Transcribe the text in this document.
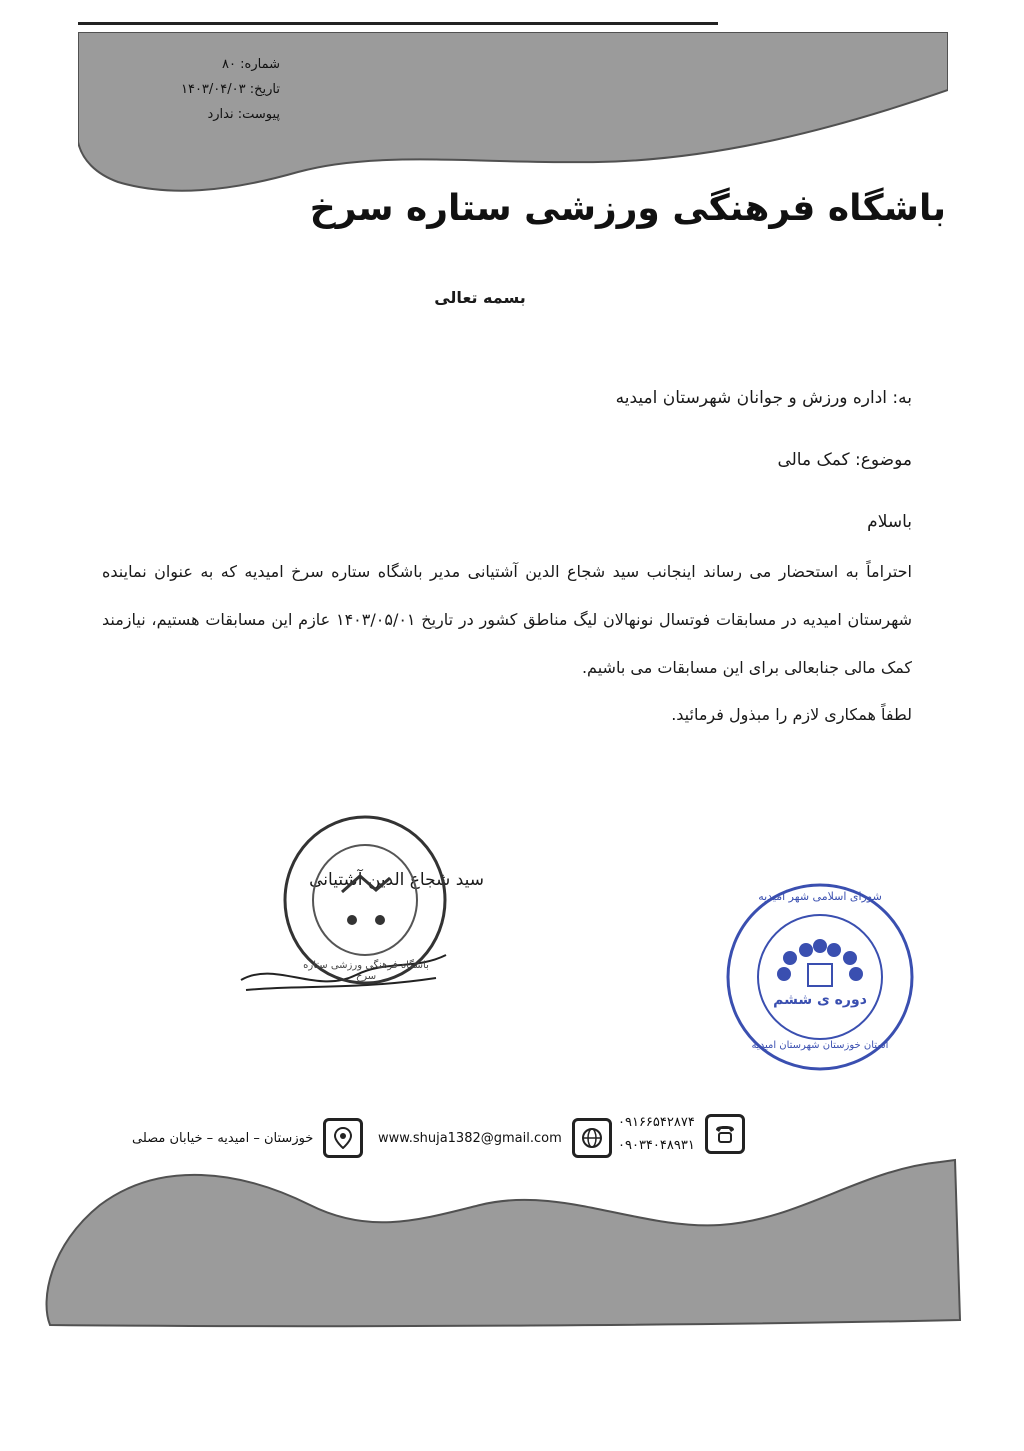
شماره: ۸۰
تاریخ: ۱۴۰۳/۰۴/۰۳
پیوست: ندارد
باشگاه فرهنگی ورزشی ستاره سرخ
بسمه تعالی
به: اداره ورزش و جوانان شهرستان امیدیه
موضوع: کمک مالی
باسلام
احتراماً به استحضار می رساند اینجانب سید شجاع الدین آشتیانی مدیر باشگاه ستاره سرخ امیدیه که به عنوان نماینده شهرستان امیدیه در مسابقات فوتسال نونهالان لیگ مناطق کشور در تاریخ ۱۴۰۳/۰۵/۰۱ عازم این مسابقات هستیم، نیازمند کمک مالی جنابعالی برای این مسابقات می باشیم.
لطفاً همکاری لازم را مبذول فرمائید.
سید شجاع الدین آشتیانی
دوره ی ششم
شورای اسلامی شهر امیدیه
استان خوزستان شهرستان امیدیه
باشگاه فرهنگی ورزشی ستاره سرخ
خوزستان – امیدیه – خیابان مصلی	www.shuja1382@gmail.com
۰۹۱۶۶۵۴۲۸۷۴
۰۹۰۳۴۰۴۸۹۳۱
